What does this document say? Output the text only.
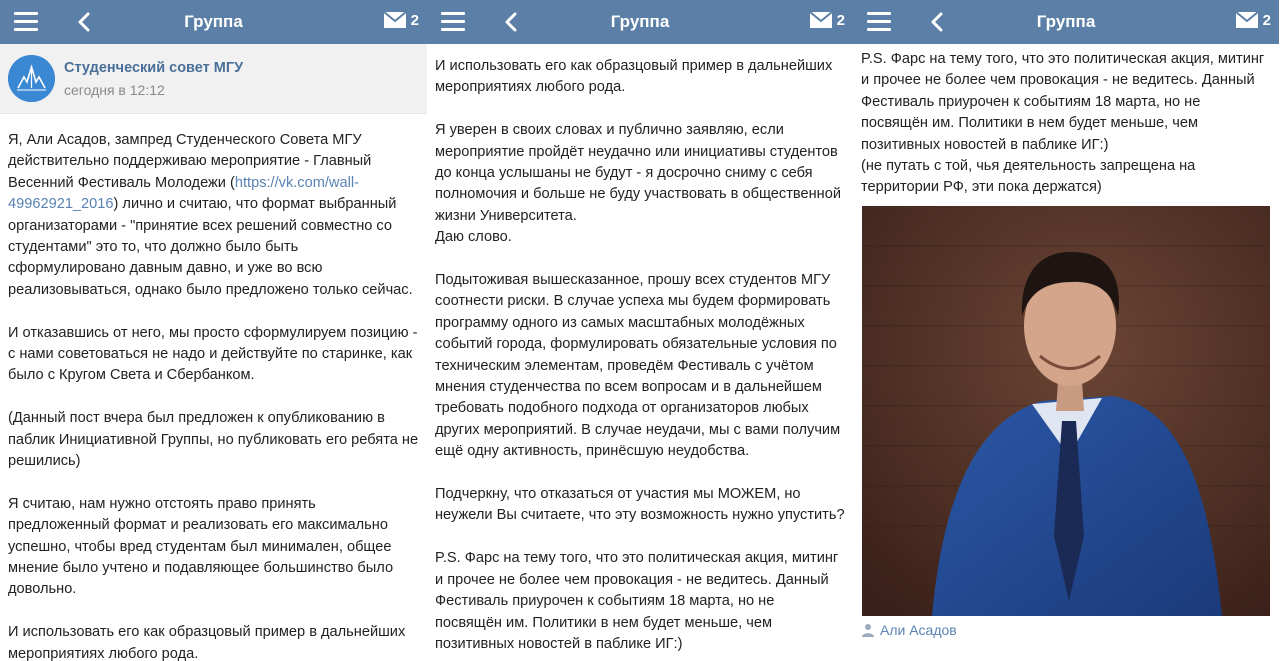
Группа	2
Студенческий совет МГУ
сегодня в 12:12

Я, Али Асадов, зампред Студенческого Совета МГУ действительно поддерживаю мероприятие - Главный Весенний Фестиваль Молодежи (https://vk.com/wall-49962921_2016) лично и считаю, что формат выбранный организаторами - "принятие всех решений совместно со студентами" это то, что должно было быть сформулировано давным давно, и уже во всю реализовываться, однако было предложено только сейчас.

И отказавшись от него, мы просто сформулируем позицию - с нами советоваться не надо и действуйте по старинке, как было с Кругом Света и Сбербанком.

(Данный пост вчера был предложен к опубликованию в паблик Инициативной Группы, но публиковать его ребята не решились)

Я считаю, нам нужно отстоять право принять предложенный формат и реализовать его максимально успешно, чтобы вред студентам был минимален, общее мнение было учтено и подавляющее большинство было довольно.

И использовать его как образцовый пример в дальнейших мероприятиях любого рода.

Группа	2

И использовать его как образцовый пример в дальнейших мероприятиях любого рода.

Я уверен в своих словах и публично заявляю, если мероприятие пройдёт неудачно или инициативы студентов до конца услышаны не будут - я досрочно сниму с себя полномочия и больше не буду участвовать в общественной жизни Университета.

Даю слово.

Подытоживая вышесказанное, прошу всех студентов МГУ соотнести риски. В случае успеха мы будем формировать программу одного из самых масштабных молодёжных событий города, формулировать обязательные условия по техническим элементам, проведём Фестиваль с учётом мнения студенчества по всем вопросам и в дальнейшем требовать подобного подхода от организаторов любых других мероприятий. В случае неудачи, мы с вами получим ещё одну активность, принёсшую неудобства.

Подчеркну, что отказаться от участия мы МОЖЕМ, но неужели Вы считаете, что эту возможность нужно упустить?

P.S. Фарс на тему того, что это политическая акция, митинг и прочее не более чем провокация - не ведитесь. Данный Фестиваль приурочен к событиям 18 марта, но не посвящён им. Политики в нем будет меньше, чем позитивных новостей в паблике ИГ:)

Группа	2

P.S. Фарс на тему того, что это политическая акция, митинг и прочее не более чем провокация - не ведитесь. Данный Фестиваль приурочен к событиям 18 марта, но не посвящён им. Политики в нем будет меньше, чем позитивных новостей в паблике ИГ:)

(не путать с той, чья деятельность запрещена на территории РФ, эти пока держатся)

Али Асадов
